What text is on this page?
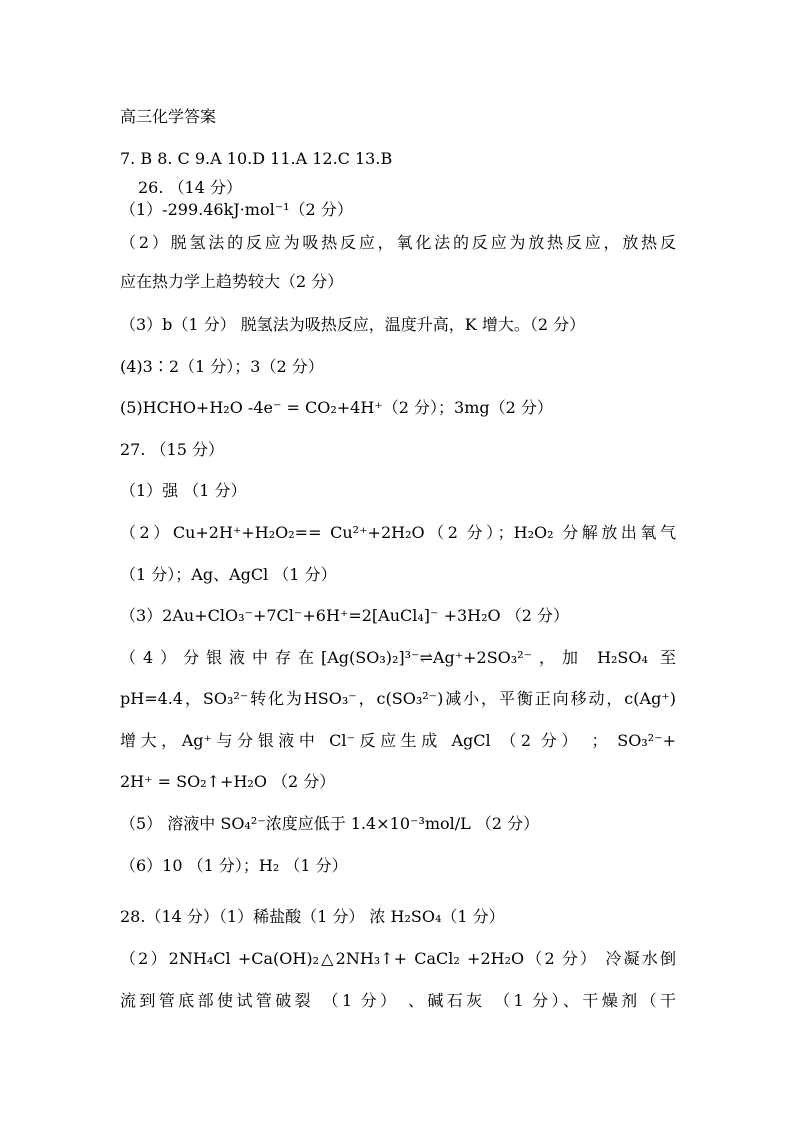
高三化学答案
7. B 8. C 9.A 10.D 11.A 12.C 13.B
26. （14 分）
（1）-299.46kJ·mol⁻¹（2 分）
（2）脱氢法的反应为吸热反应，氧化法的反应为放热反应，放热反
应在热力学上趋势较大（2 分）
（3）b（1 分） 脱氢法为吸热反应，温度升高，K 增大。（2 分）
(4)3∶2（1 分）；3（2 分）
(5)HCHO+H₂O -4e⁻ = CO₂+4H⁺（2 分）；3mg（2 分）
27. （15 分）
（1）强 （1 分）
（2）Cu+2H⁺+H₂O₂== Cu²⁺+2H₂O（2 分）；H₂O₂ 分解放出氧气
（1 分）；Ag、AgCl （1 分）
（3）2Au+ClO₃⁻+7Cl⁻+6H⁺=2[AuCl₄]⁻ +3H₂O （2 分）
（4）分银液中存在[Ag(SO₃)₂]³⁻⇌Ag⁺+2SO₃²⁻，加 H₂SO₄ 至
pH=4.4，SO₃²⁻转化为HSO₃⁻，c(SO₃²⁻)减小，平衡正向移动，c(Ag⁺)
增大，Ag⁺与分银液中 Cl⁻反应生成 AgCl （2 分） ； SO₃²⁻+
2H⁺ = SO₂↑+H₂O （2 分）
（5） 溶液中 SO₄²⁻浓度应低于 1.4×10⁻³mol/L （2 分）
（6）10 （1 分）；H₂ （1 分）
28.（14 分）（1）稀盐酸（1 分） 浓 H₂SO₄（1 分）
（2）2NH₄Cl +Ca(OH)₂△2NH₃↑+ CaCl₂ +2H₂O（2 分） 冷凝水倒
流到管底部使试管破裂 （1 分） 、碱石灰 （1 分）、干燥剂（干
